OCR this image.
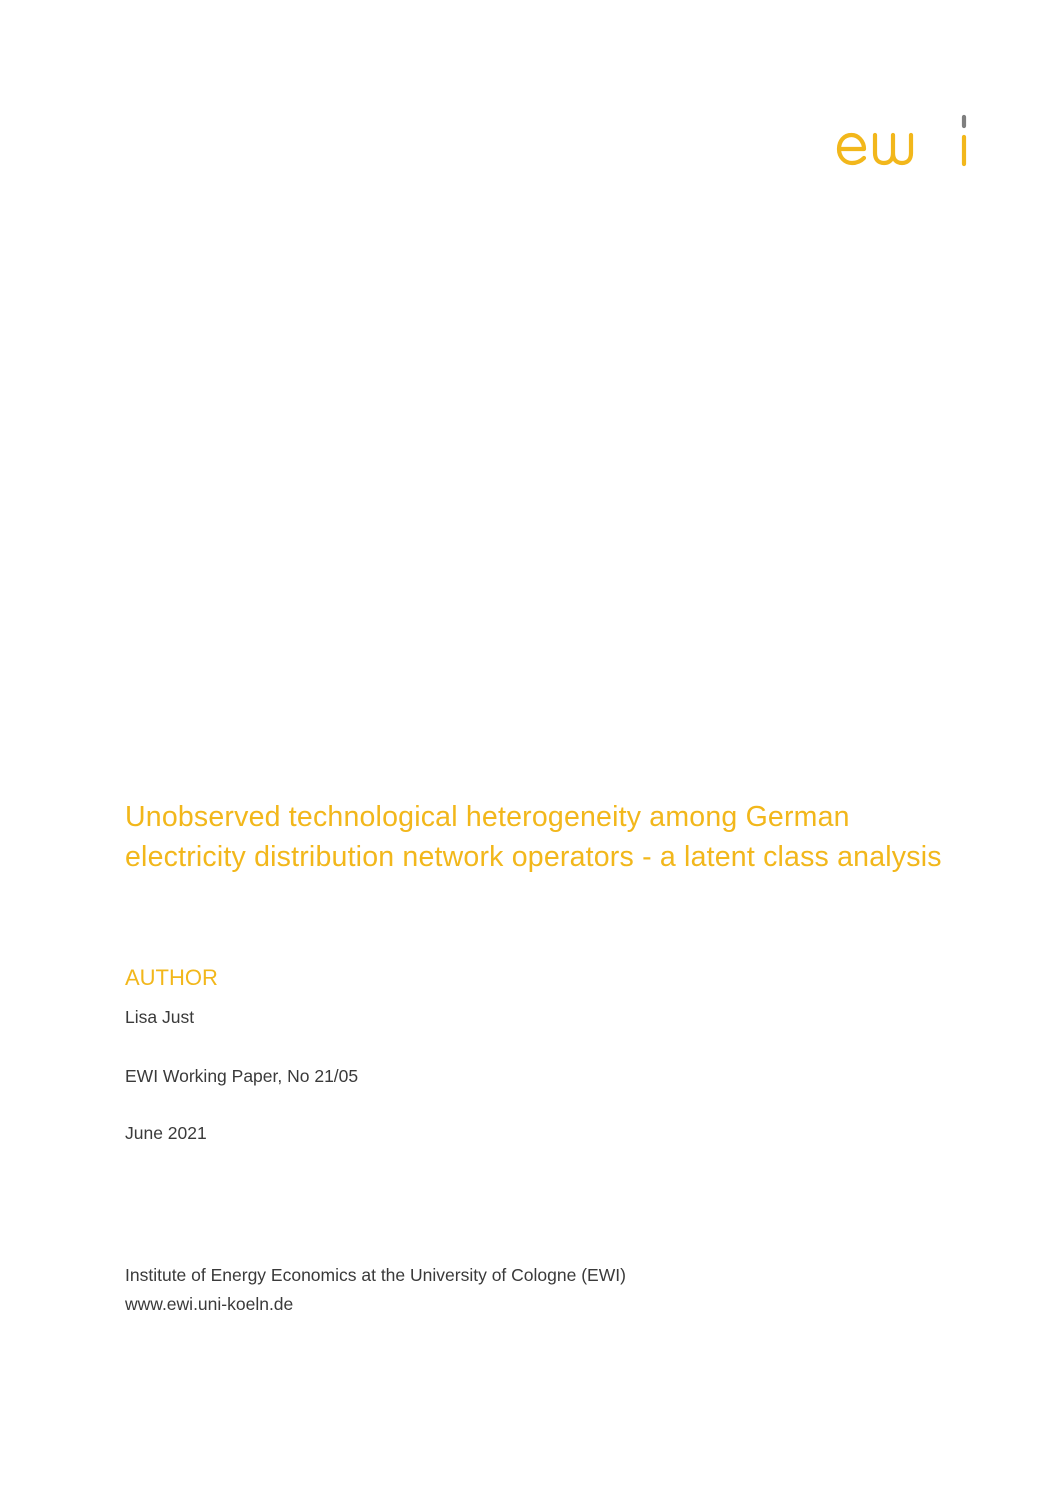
Unobserved technological heterogeneity among German electricity distribution network operators - a latent class analysis
AUTHOR

Lisa Just

EWI Working Paper, No 21/05

June 2021

Institute of Energy Economics at the University of Cologne (EWI)

www.ewi.uni-koeln.de
